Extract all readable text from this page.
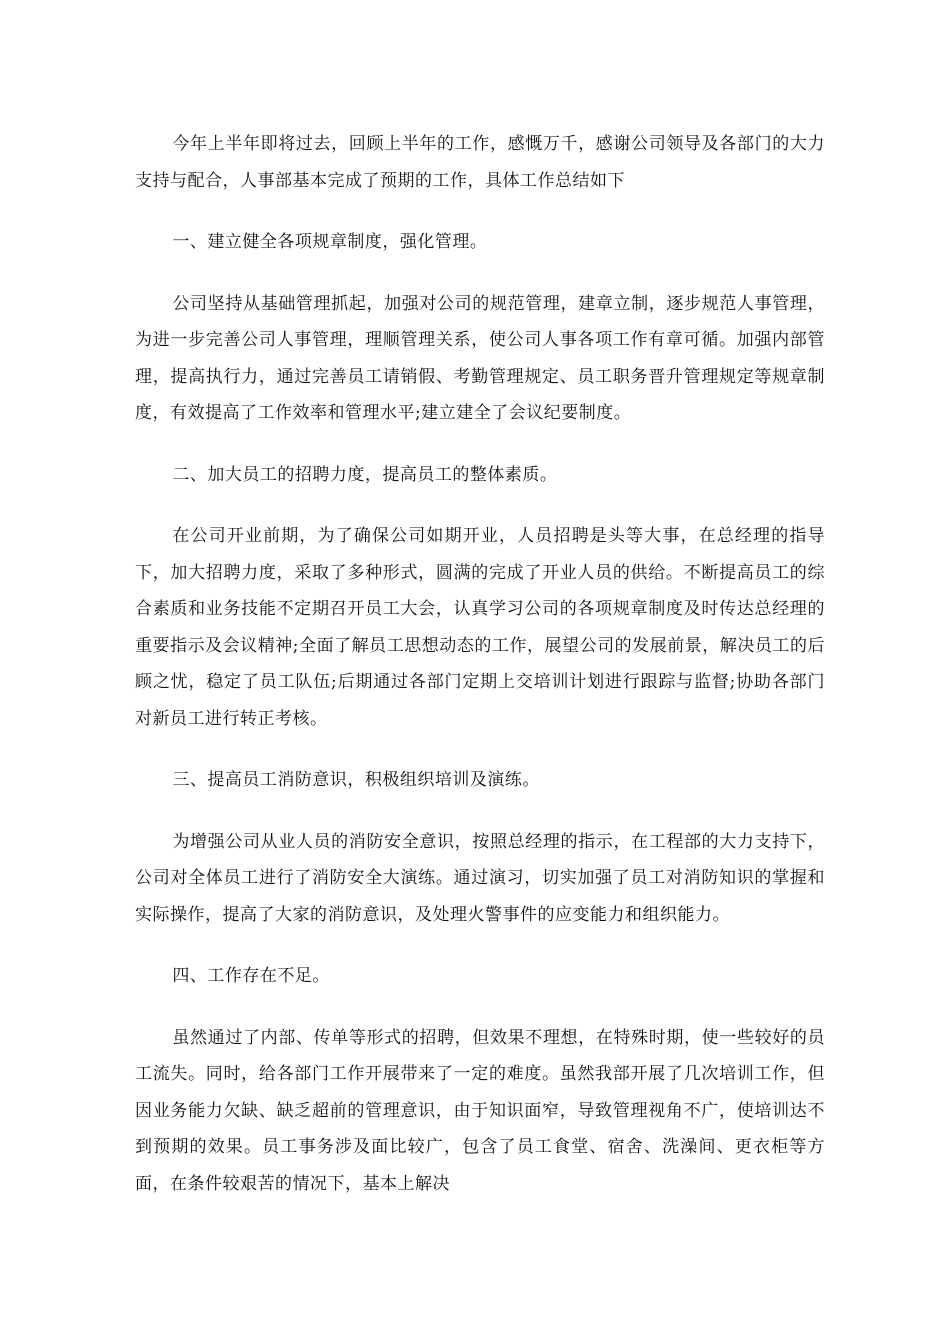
今年上半年即将过去，回顾上半年的工作，感慨万千，感谢公司领导及各部门的大力支持与配合，人事部基本完成了预期的工作，具体工作总结如下

一、建立健全各项规章制度，强化管理。

公司坚持从基础管理抓起，加强对公司的规范管理，建章立制，逐步规范人事管理，为进一步完善公司人事管理，理顺管理关系，使公司人事各项工作有章可循。加强内部管理，提高执行力，通过完善员工请销假、考勤管理规定、员工职务晋升管理规定等规章制度，有效提高了工作效率和管理水平;建立建全了会议纪要制度。

二、加大员工的招聘力度，提高员工的整体素质。

在公司开业前期，为了确保公司如期开业，人员招聘是头等大事，在总经理的指导下，加大招聘力度，采取了多种形式，圆满的完成了开业人员的供给。不断提高员工的综合素质和业务技能不定期召开员工大会，认真学习公司的各项规章制度及时传达总经理的重要指示及会议精神;全面了解员工思想动态的工作，展望公司的发展前景，解决员工的后顾之忧，稳定了员工队伍;后期通过各部门定期上交培训计划进行跟踪与监督;协助各部门对新员工进行转正考核。

三、提高员工消防意识，积极组织培训及演练。

为增强公司从业人员的消防安全意识，按照总经理的指示，在工程部的大力支持下，公司对全体员工进行了消防安全大演练。通过演习，切实加强了员工对消防知识的掌握和实际操作，提高了大家的消防意识，及处理火警事件的应变能力和组织能力。

四、工作存在不足。

虽然通过了内部、传单等形式的招聘，但效果不理想，在特殊时期，使一些较好的员工流失。同时，给各部门工作开展带来了一定的难度。虽然我部开展了几次培训工作，但因业务能力欠缺、缺乏超前的管理意识，由于知识面窄，导致管理视角不广，使培训达不到预期的效果。员工事务涉及面比较广，包含了员工食堂、宿舍、洗澡间、更衣柜等方面，在条件较艰苦的情况下，基本上解决
